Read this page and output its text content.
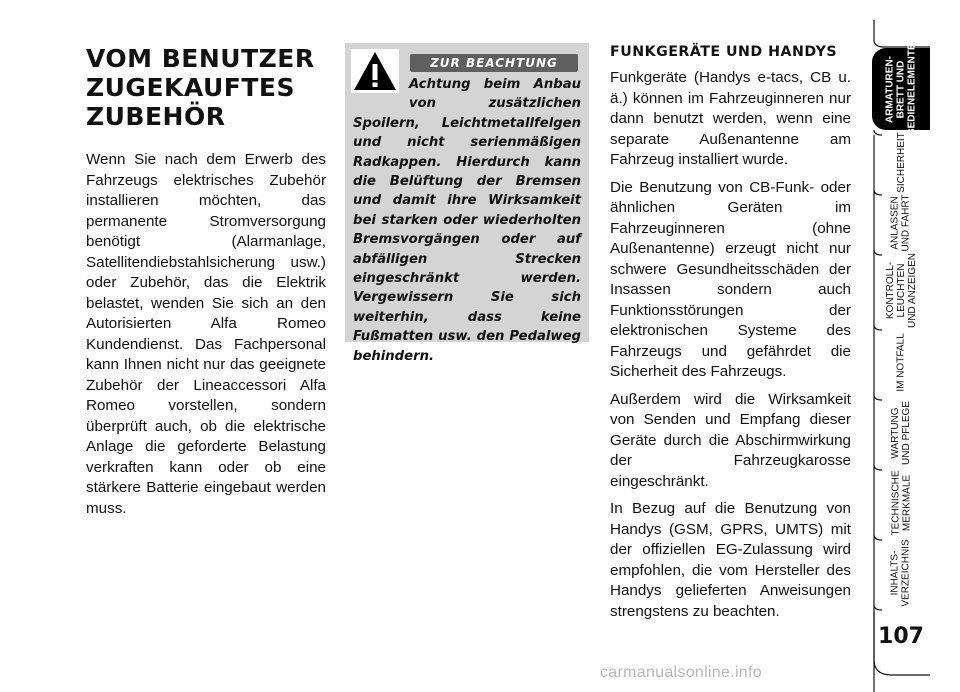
VOM BENUTZER
ZUGEKAUFTES
ZUBEHÖR

Wenn Sie nach dem Erwerb des Fahrzeugs elektrisches Zubehör installieren möchten, das permanente Stromversorgung benötigt (Alarmanlage, Satellitendiebstahlsicherung usw.) oder Zubehör, das die Elektrik belastet, wenden Sie sich an den Autorisierten Alfa Romeo Kundendienst. Das Fachpersonal kann Ihnen nicht nur das geeignete Zubehör der Lineaccessori Alfa Romeo vorstellen, sondern überprüft auch, ob die elektrische Anlage die geforderte Belastung verkraften kann oder ob eine stärkere Batterie eingebaut werden muss.

ZUR BEACHTUNG

Achtung beim Anbau von zusätzlichen Spoilern, Leichtmetallfelgen und nicht serienmäßigen Radkappen. Hierdurch kann die Belüftung der Bremsen und damit ihre Wirksamkeit bei starken oder wiederholten Bremsvorgängen oder auf abfälligen Strecken eingeschränkt werden. Vergewissern Sie sich weiterhin, dass keine Fußmatten usw. den Pedalweg behindern.

FUNKGERÄTE UND HANDYS

Funkgeräte (Handys e-tacs, CB u. ä.) können im Fahrzeuginneren nur dann benutzt werden, wenn eine separate Außenantenne am Fahrzeug installiert wurde.

Die Benutzung von CB-Funk- oder ähnlichen Geräten im Fahrzeuginneren (ohne Außenantenne) erzeugt nicht nur schwere Gesundheitsschäden der Insassen sondern auch Funktionsstörungen der elektronischen Systeme des Fahrzeugs und gefährdet die Sicherheit des Fahrzeugs.

Außerdem wird die Wirksamkeit von Senden und Empfang dieser Geräte durch die Abschirmwirkung der Fahrzeugkarosse eingeschränkt.

In Bezug auf die Benutzung von Handys (GSM, GPRS, UMTS) mit der offiziellen EG-Zulassung wird empfohlen, die vom Hersteller des Handys gelieferten Anweisungen strengstens zu beachten.

ARMATUREN-
BRETT UND
BEDIENELEMENTE
SICHERHEIT
ANLASSEN
UND FAHRT
KONTROLL-
LEUCHTEN
UND ANZEIGEN
IM NOTFALL
WARTUNG
UND PFLEGE
TECHNISCHE
MERKMALE
INHALTS-
VERZEICHNIS
107
carmanualsonline.info
